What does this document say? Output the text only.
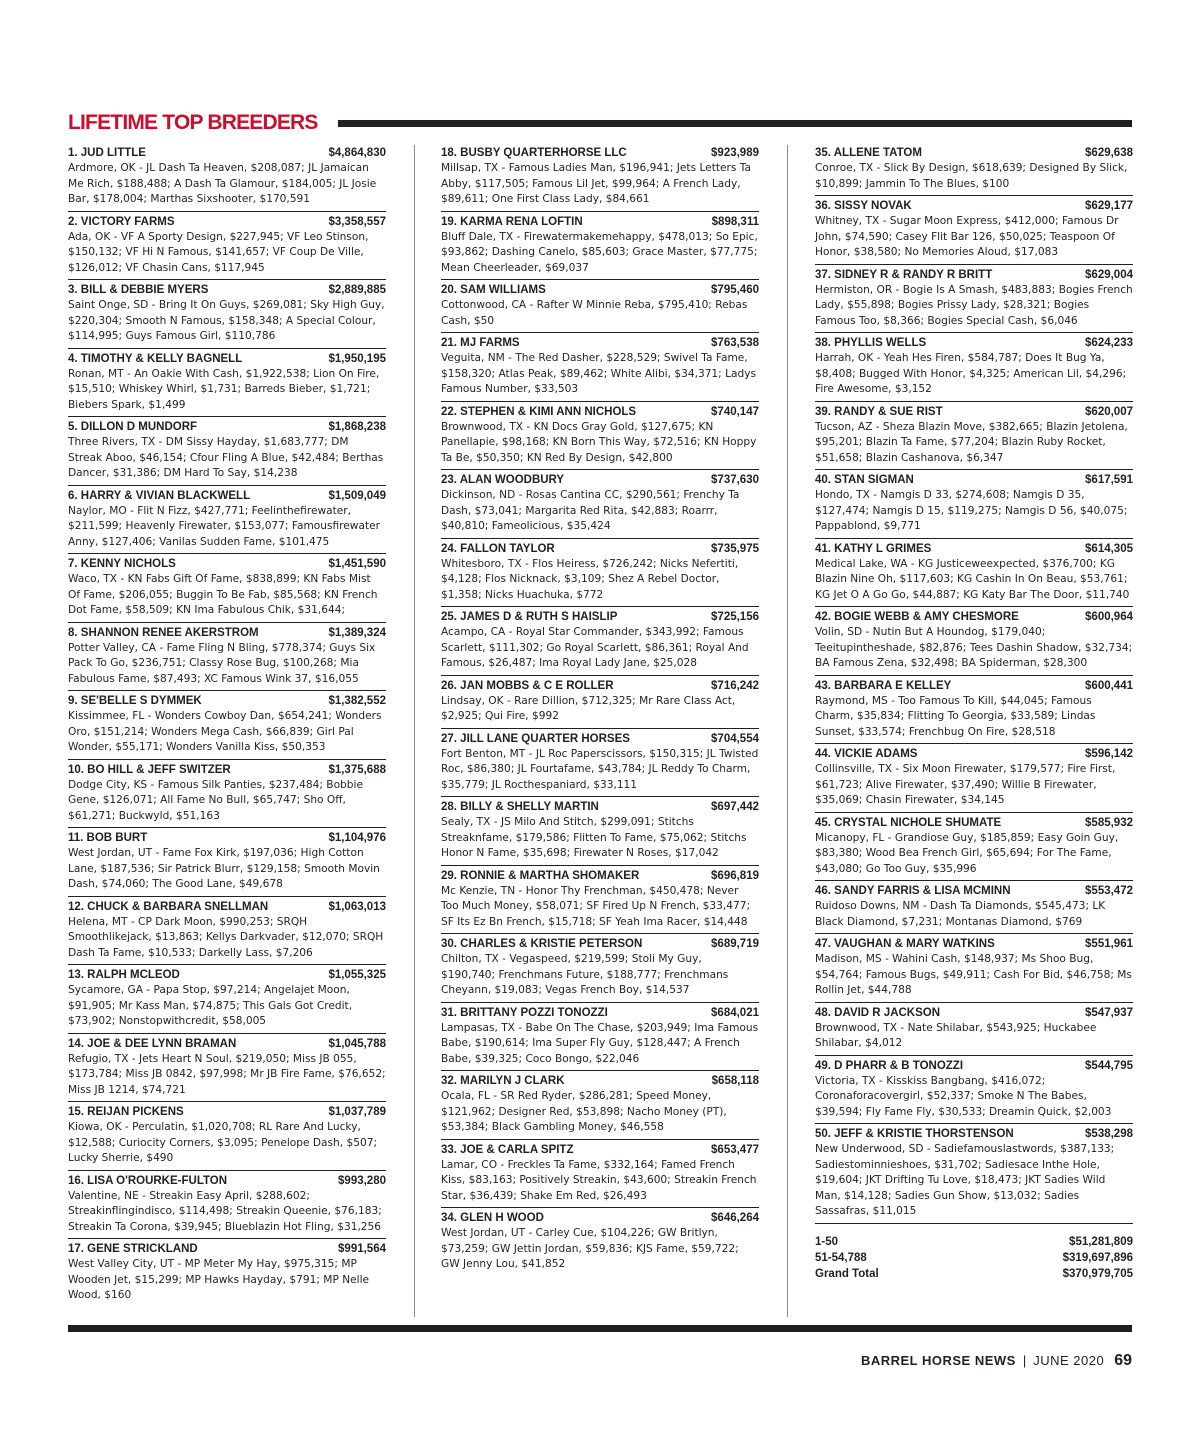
LIFETIME TOP BREEDERS
1. JUD LITTLE	$4,864,830
Ardmore, OK - JL Dash Ta Heaven, $208,087; JL Jamaican Me Rich, $188,488; A Dash Ta Glamour, $184,005; JL Josie Bar, $178,004; Marthas Sixshooter, $170,591
2. VICTORY FARMS	$3,358,557
Ada, OK - VF A Sporty Design, $227,945; VF Leo Stinson, $150,132; VF Hi N Famous, $141,657; VF Coup De Ville, $126,012; VF Chasin Cans, $117,945
3. BILL & DEBBIE MYERS	$2,889,885
Saint Onge, SD - Bring It On Guys, $269,081; Sky High Guy, $220,304; Smooth N Famous, $158,348; A Special Colour, $114,995; Guys Famous Girl, $110,786
4. TIMOTHY & KELLY BAGNELL	$1,950,195
Ronan, MT - An Oakie With Cash, $1,922,538; Lion On Fire, $15,510; Whiskey Whirl, $1,731; Barreds Bieber, $1,721; Biebers Spark, $1,499
5. DILLON D MUNDORF	$1,868,238
Three Rivers, TX - DM Sissy Hayday, $1,683,777; DM Streak Aboo, $46,154; Cfour Fling A Blue, $42,484; Berthas Dancer, $31,386; DM Hard To Say, $14,238
6. HARRY & VIVIAN BLACKWELL	$1,509,049
Naylor, MO - Flit N Fizz, $427,771; Feelinthefirewater, $211,599; Heavenly Firewater, $153,077; Famousfirewater Anny, $127,406; Vanilas Sudden Fame, $101,475
7. KENNY NICHOLS	$1,451,590
Waco, TX - KN Fabs Gift Of Fame, $838,899; KN Fabs Mist Of Fame, $206,055; Buggin To Be Fab, $85,568; KN French Dot Fame, $58,509; KN Ima Fabulous Chik, $31,644;
8. SHANNON RENEE AKERSTROM	$1,389,324
Potter Valley, CA - Fame Fling N Bling, $778,374; Guys Six Pack To Go, $236,751; Classy Rose Bug, $100,268; Mia Fabulous Fame, $87,493; XC Famous Wink 37, $16,055
9. SE'BELLE S DYMMEK	$1,382,552
Kissimmee, FL - Wonders Cowboy Dan, $654,241; Wonders Oro, $151,214; Wonders Mega Cash, $66,839; Girl Pal Wonder, $55,171; Wonders Vanilla Kiss, $50,353
10. BO HILL & JEFF SWITZER	$1,375,688
Dodge City, KS - Famous Silk Panties, $237,484; Bobbie Gene, $126,071; All Fame No Bull, $65,747; Sho Off, $61,271; Buckwyld, $51,163
11. BOB BURT	$1,104,976
West Jordan, UT - Fame Fox Kirk, $197,036; High Cotton Lane, $187,536; Sir Patrick Blurr, $129,158; Smooth Movin Dash, $74,060; The Good Lane, $49,678
12. CHUCK & BARBARA SNELLMAN	$1,063,013
Helena, MT - CP Dark Moon, $990,253; SRQH Smoothlikejack, $13,863; Kellys Darkvader, $12,070; SRQH Dash Ta Fame, $10,533; Darkelly Lass, $7,206
13. RALPH MCLEOD	$1,055,325
Sycamore, GA - Papa Stop, $97,214; Angelajet Moon, $91,905; Mr Kass Man, $74,875; This Gals Got Credit, $73,902; Nonstopwithcredit, $58,005
14. JOE & DEE LYNN BRAMAN	$1,045,788
Refugio, TX - Jets Heart N Soul, $219,050; Miss JB 055, $173,784; Miss JB 0842, $97,998; Mr JB Fire Fame, $76,652; Miss JB 1214, $74,721
15. REIJAN PICKENS	$1,037,789
Kiowa, OK - Perculatin, $1,020,708; RL Rare And Lucky, $12,588; Curiocity Corners, $3,095; Penelope Dash, $507; Lucky Sherrie, $490
16. LISA O'ROURKE-FULTON	$993,280
Valentine, NE - Streakin Easy April, $288,602; Streakinflingindisco, $114,498; Streakin Queenie, $76,183; Streakin Ta Corona, $39,945; Blueblazin Hot Fling, $31,256
17. GENE STRICKLAND	$991,564
West Valley City, UT - MP Meter My Hay, $975,315; MP Wooden Jet, $15,299; MP Hawks Hayday, $791; MP Nelle Wood, $160
18. BUSBY QUARTERHORSE LLC	$923,989
Millsap, TX - Famous Ladies Man, $196,941; Jets Letters Ta Abby, $117,505; Famous Lil Jet, $99,964; A French Lady, $89,611; One First Class Lady, $84,661
19. KARMA RENA LOFTIN	$898,311
Bluff Dale, TX - Firewatermakemehappy, $478,013; So Epic, $93,862; Dashing Canelo, $85,603; Grace Master, $77,775; Mean Cheerleader, $69,037
20. SAM WILLIAMS	$795,460
Cottonwood, CA - Rafter W Minnie Reba, $795,410; Rebas Cash, $50
21. MJ FARMS	$763,538
Veguita, NM - The Red Dasher, $228,529; Swivel Ta Fame, $158,320; Atlas Peak, $89,462; White Alibi, $34,371; Ladys Famous Number, $33,503
22. STEPHEN & KIMI ANN NICHOLS	$740,147
Brownwood, TX - KN Docs Gray Gold, $127,675; KN Panellapie, $98,168; KN Born This Way, $72,516; KN Hoppy Ta Be, $50,350; KN Red By Design, $42,800
23. ALAN WOODBURY	$737,630
Dickinson, ND - Rosas Cantina CC, $290,561; Frenchy Ta Dash, $73,041; Margarita Red Rita, $42,883; Roarrr, $40,810; Fameolicious, $35,424
24. FALLON TAYLOR	$735,975
Whitesboro, TX - Flos Heiress, $726,242; Nicks Nefertiti, $4,128; Flos Nicknack, $3,109; Shez A Rebel Doctor, $1,358; Nicks Huachuka, $772
25. JAMES D & RUTH S HAISLIP	$725,156
Acampo, CA - Royal Star Commander, $343,992; Famous Scarlett, $111,302; Go Royal Scarlett, $86,361; Royal And Famous, $26,487; Ima Royal Lady Jane, $25,028
26. JAN MOBBS & C E ROLLER	$716,242
Lindsay, OK - Rare Dillion, $712,325; Mr Rare Class Act, $2,925; Qui Fire, $992
27. JILL LANE QUARTER HORSES	$704,554
Fort Benton, MT - JL Roc Paperscissors, $150,315; JL Twisted Roc, $86,380; JL Fourtafame, $43,784; JL Reddy To Charm, $35,779; JL Rocthespaniard, $33,111
28. BILLY & SHELLY MARTIN	$697,442
Sealy, TX - JS Milo And Stitch, $299,091; Stitchs Streaknfame, $179,586; Flitten To Fame, $75,062; Stitchs Honor N Fame, $35,698; Firewater N Roses, $17,042
29. RONNIE & MARTHA SHOMAKER	$696,819
Mc Kenzie, TN - Honor Thy Frenchman, $450,478; Never Too Much Money, $58,071; SF Fired Up N French, $33,477; SF Its Ez Bn French, $15,718; SF Yeah Ima Racer, $14,448
30. CHARLES & KRISTIE PETERSON	$689,719
Chilton, TX - Vegaspeed, $219,599; Stoli My Guy, $190,740; Frenchmans Future, $188,777; Frenchmans Cheyann, $19,083; Vegas French Boy, $14,537
31. BRITTANY POZZI TONOZZI	$684,021
Lampasas, TX - Babe On The Chase, $203,949; Ima Famous Babe, $190,614; Ima Super Fly Guy, $128,447; A French Babe, $39,325; Coco Bongo, $22,046
32. MARILYN J CLARK	$658,118
Ocala, FL - SR Red Ryder, $286,281; Speed Money, $121,962; Designer Red, $53,898; Nacho Money (PT), $53,384; Black Gambling Money, $46,558
33. JOE & CARLA SPITZ	$653,477
Lamar, CO - Freckles Ta Fame, $332,164; Famed French Kiss, $83,163; Positively Streakin, $43,600; Streakin French Star, $36,439; Shake Em Red, $26,493
34. GLEN H WOOD	$646,264
West Jordan, UT - Carley Cue, $104,226; GW Britlyn, $73,259; GW Jettin Jordan, $59,836; KJS Fame, $59,722; GW Jenny Lou, $41,852
35. ALLENE TATOM	$629,638
Conroe, TX - Slick By Design, $618,639; Designed By Slick, $10,899; Jammin To The Blues, $100
36. SISSY NOVAK	$629,177
Whitney, TX - Sugar Moon Express, $412,000; Famous Dr John, $74,590; Casey Flit Bar 126, $50,025; Teaspoon Of Honor, $38,580; No Memories Aloud, $17,083
37. SIDNEY R & RANDY R BRITT	$629,004
Hermiston, OR - Bogie Is A Smash, $483,883; Bogies French Lady, $55,898; Bogies Prissy Lady, $28,321; Bogies Famous Too, $8,366; Bogies Special Cash, $6,046
38. PHYLLIS WELLS	$624,233
Harrah, OK - Yeah Hes Firen, $584,787; Does It Bug Ya, $8,408; Bugged With Honor, $4,325; American Lil, $4,296; Fire Awesome, $3,152
39. RANDY & SUE RIST	$620,007
Tucson, AZ - Sheza Blazin Move, $382,665; Blazin Jetolena, $95,201; Blazin Ta Fame, $77,204; Blazin Ruby Rocket, $51,658; Blazin Cashanova, $6,347
40. STAN SIGMAN	$617,591
Hondo, TX - Namgis D 33, $274,608; Namgis D 35, $127,474; Namgis D 15, $119,275; Namgis D 56, $40,075; Pappablond, $9,771
41. KATHY L GRIMES	$614,305
Medical Lake, WA - KG Justiceweexpected, $376,700; KG Blazin Nine Oh, $117,603; KG Cashin In On Beau, $53,761; KG Jet O A Go Go, $44,887; KG Katy Bar The Door, $11,740
42. BOGIE WEBB & AMY CHESMORE	$600,964
Volin, SD - Nutin But A Houndog, $179,040; Teeitupintheshade, $82,876; Tees Dashin Shadow, $32,734; BA Famous Zena, $32,498; BA Spiderman, $28,300
43. BARBARA E KELLEY	$600,441
Raymond, MS - Too Famous To Kill, $44,045; Famous Charm, $35,834; Flitting To Georgia, $33,589; Lindas Sunset, $33,574; Frenchbug On Fire, $28,518
44. VICKIE ADAMS	$596,142
Collinsville, TX - Six Moon Firewater, $179,577; Fire First, $61,723; Alive Firewater, $37,490; Willie B Firewater, $35,069; Chasin Firewater, $34,145
45. CRYSTAL NICHOLE SHUMATE	$585,932
Micanopy, FL - Grandiose Guy, $185,859; Easy Goin Guy, $83,380; Wood Bea French Girl, $65,694; For The Fame, $43,080; Go Too Guy, $35,996
46. SANDY FARRIS & LISA MCMINN	$553,472
Ruidoso Downs, NM - Dash Ta Diamonds, $545,473; LK Black Diamond, $7,231; Montanas Diamond, $769
47. VAUGHAN & MARY WATKINS	$551,961
Madison, MS - Wahini Cash, $148,937; Ms Shoo Bug, $54,764; Famous Bugs, $49,911; Cash For Bid, $46,758; Ms Rollin Jet, $44,788
48. DAVID R JACKSON	$547,937
Brownwood, TX - Nate Shilabar, $543,925; Huckabee Shilabar, $4,012
49. D PHARR & B TONOZZI	$544,795
Victoria, TX - Kisskiss Bangbang, $416,072; Coronaforacovergirl, $52,337; Smoke N The Babes, $39,594; Fly Fame Fly, $30,533; Dreamin Quick, $2,003
50. JEFF & KRISTIE THORSTENSON	$538,298
New Underwood, SD - Sadiefamouslastwords, $387,133; Sadiestominnieshoes, $31,702; Sadiesace Inthe Hole, $19,604; JKT Drifting Tu Love, $18,473; JKT Sadies Wild Man, $14,128; Sadies Gun Show, $13,032; Sadies Sassafras, $11,015
1-50	$51,281,809
51-54,788	$319,697,896
Grand Total	$370,979,705
BARREL HORSE NEWS | JUNE 2020 69
